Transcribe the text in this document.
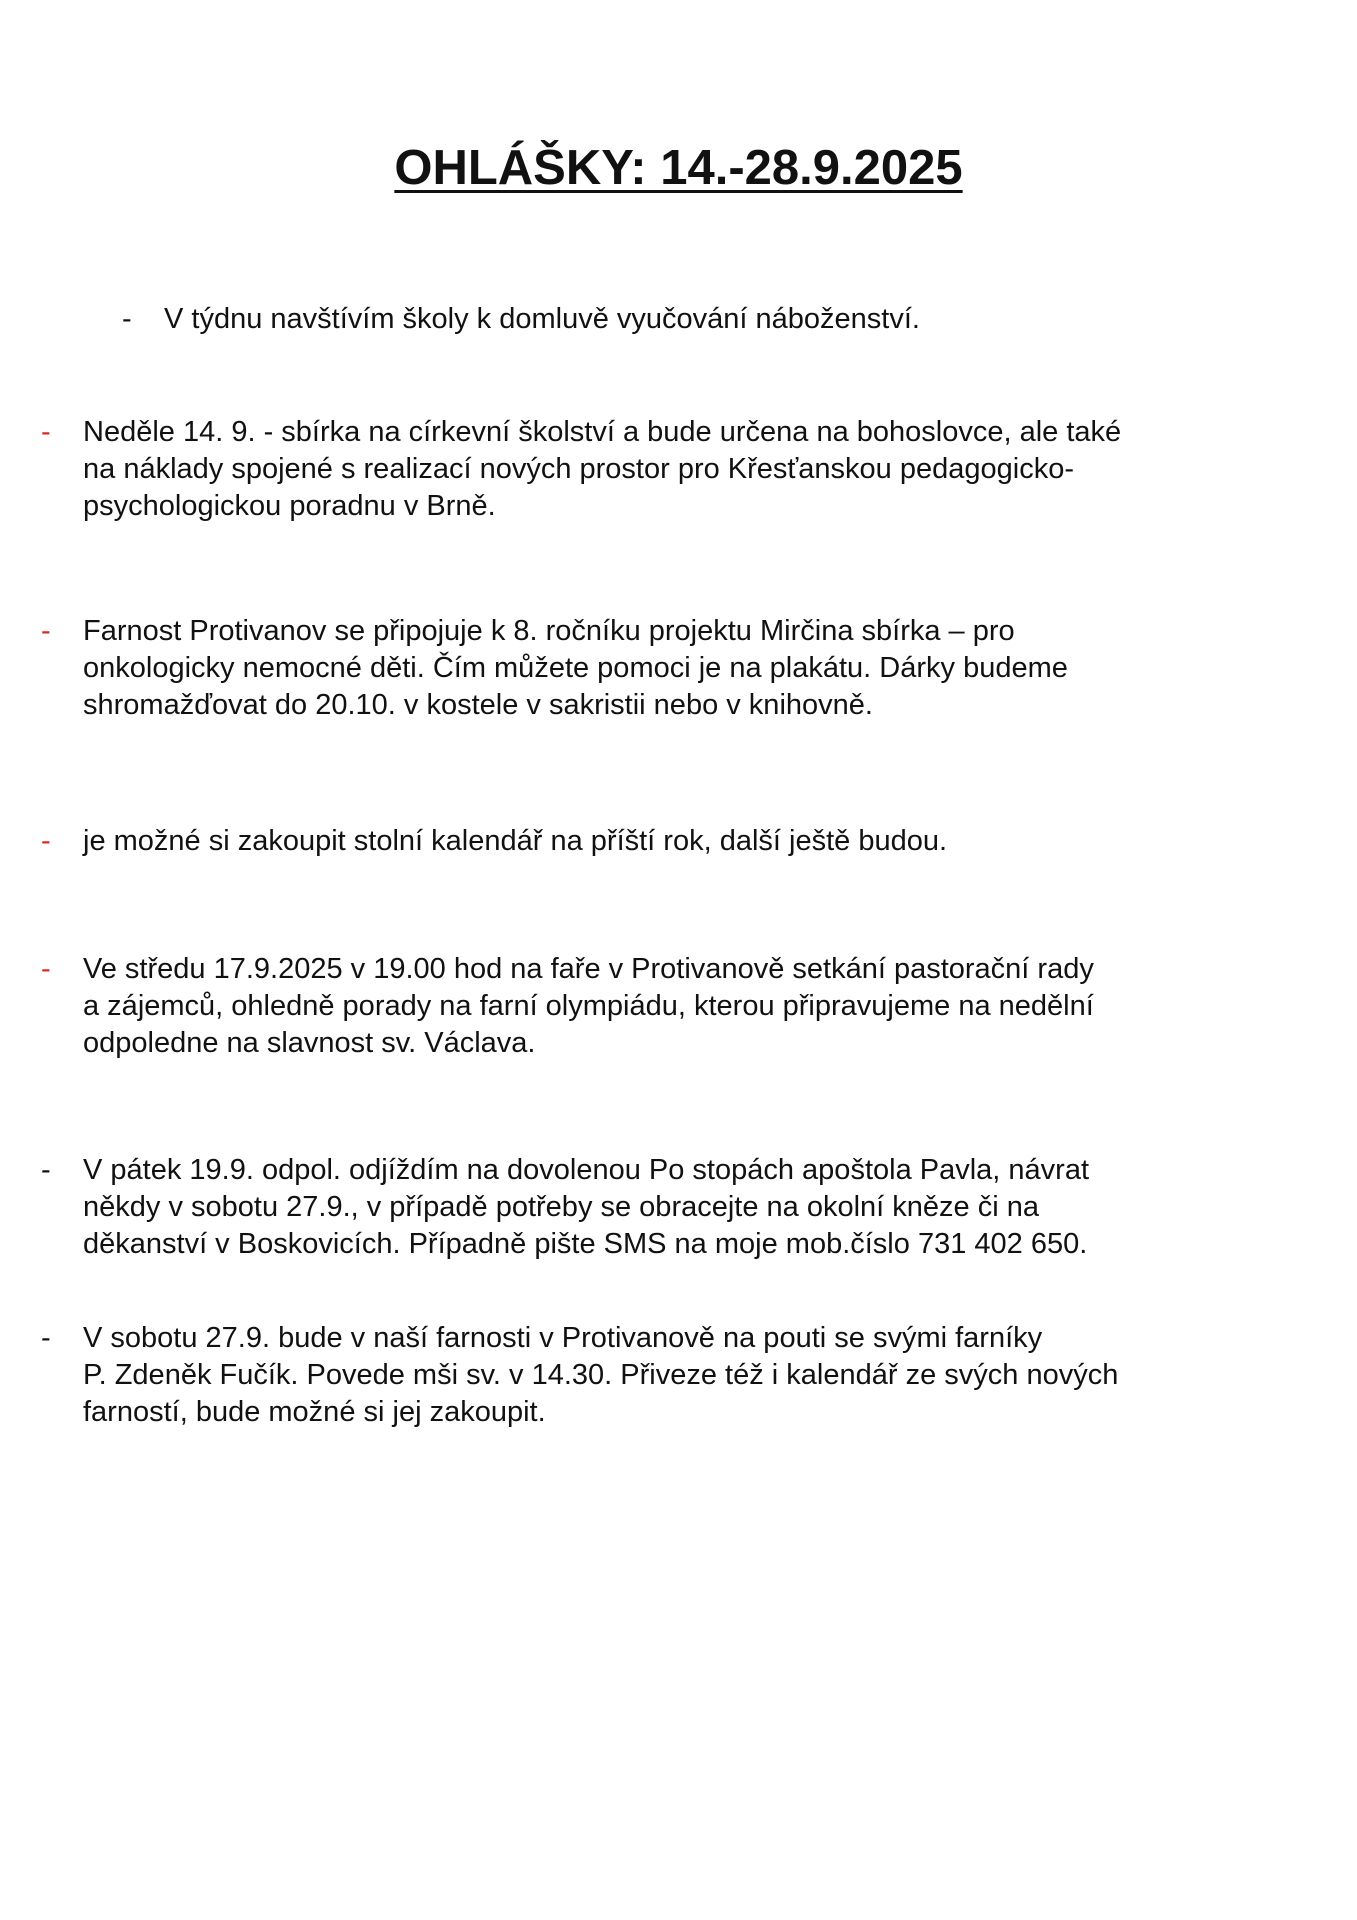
OHLÁŠKY: 14.-28.9.2025
- V týdnu navštívím školy k domluvě vyučování náboženství.
- Neděle 14. 9. - sbírka na církevní školství a bude určena na bohoslovce, ale také
na náklady spojené s realizací nových prostor pro Křesťanskou pedagogicko-
psychologickou poradnu v Brně.
- Farnost Protivanov se připojuje k 8. ročníku projektu Mirčina sbírka – pro
onkologicky nemocné děti. Čím můžete pomoci je na plakátu. Dárky budeme
shromažďovat do 20.10. v kostele v sakristii nebo v knihovně.
- je možné si zakoupit stolní kalendář na příští rok, další ještě budou.
- Ve středu 17.9.2025 v 19.00 hod na faře v Protivanově setkání pastorační rady
a zájemců, ohledně porady na farní olympiádu, kterou připravujeme na nedělní
odpoledne na slavnost sv. Václava.
- V pátek 19.9. odpol. odjíždím na dovolenou Po stopách apoštola Pavla, návrat
někdy v sobotu 27.9., v případě potřeby se obracejte na okolní kněze či na
děkanství v Boskovicích. Případně pište SMS na moje mob.číslo 731 402 650.
- V sobotu 27.9. bude v naší farnosti v Protivanově na pouti se svými farníky
P. Zdeněk Fučík. Povede mši sv. v 14.30. Přiveze též i kalendář ze svých nových
farností, bude možné si jej zakoupit.
